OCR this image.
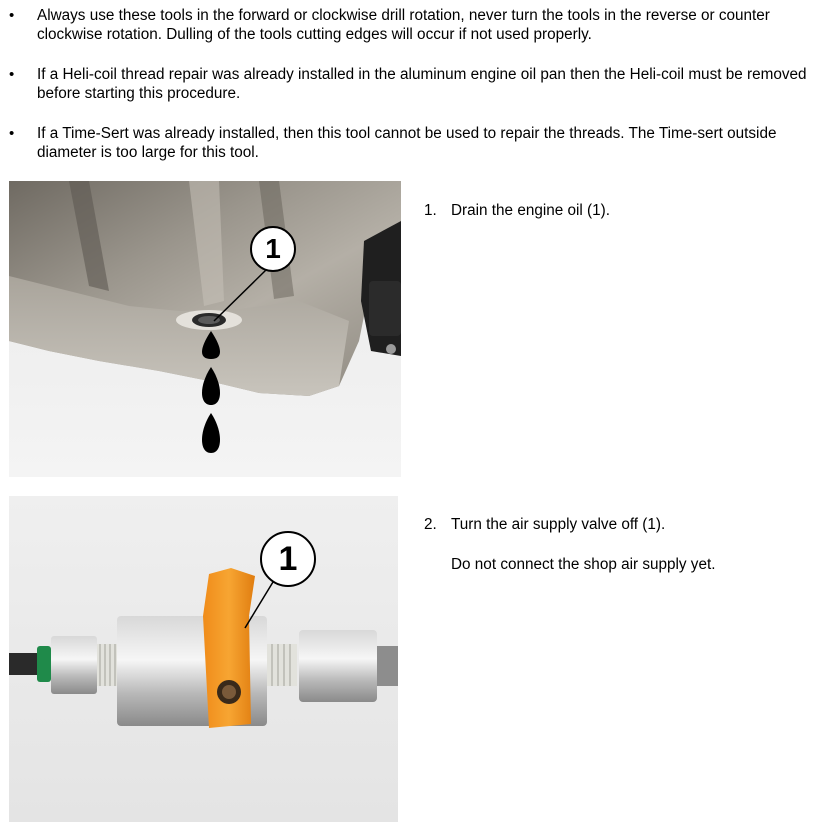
• Always use these tools in the forward or clockwise drill rotation, never turn the tools in the reverse or counter clockwise rotation. Dulling of the tools cutting edges will occur if not used properly.
• If a Heli-coil thread repair was already installed in the aluminum engine oil pan then the Heli-coil must be removed before starting this procedure.
• If a Time-Sert was already installed, then this tool cannot be used to repair the threads. The Time-sert outside diameter is too large for this tool.
1
1. Drain the engine oil (1).
1
2. Turn the air supply valve off (1).
Do not connect the shop air supply yet.
